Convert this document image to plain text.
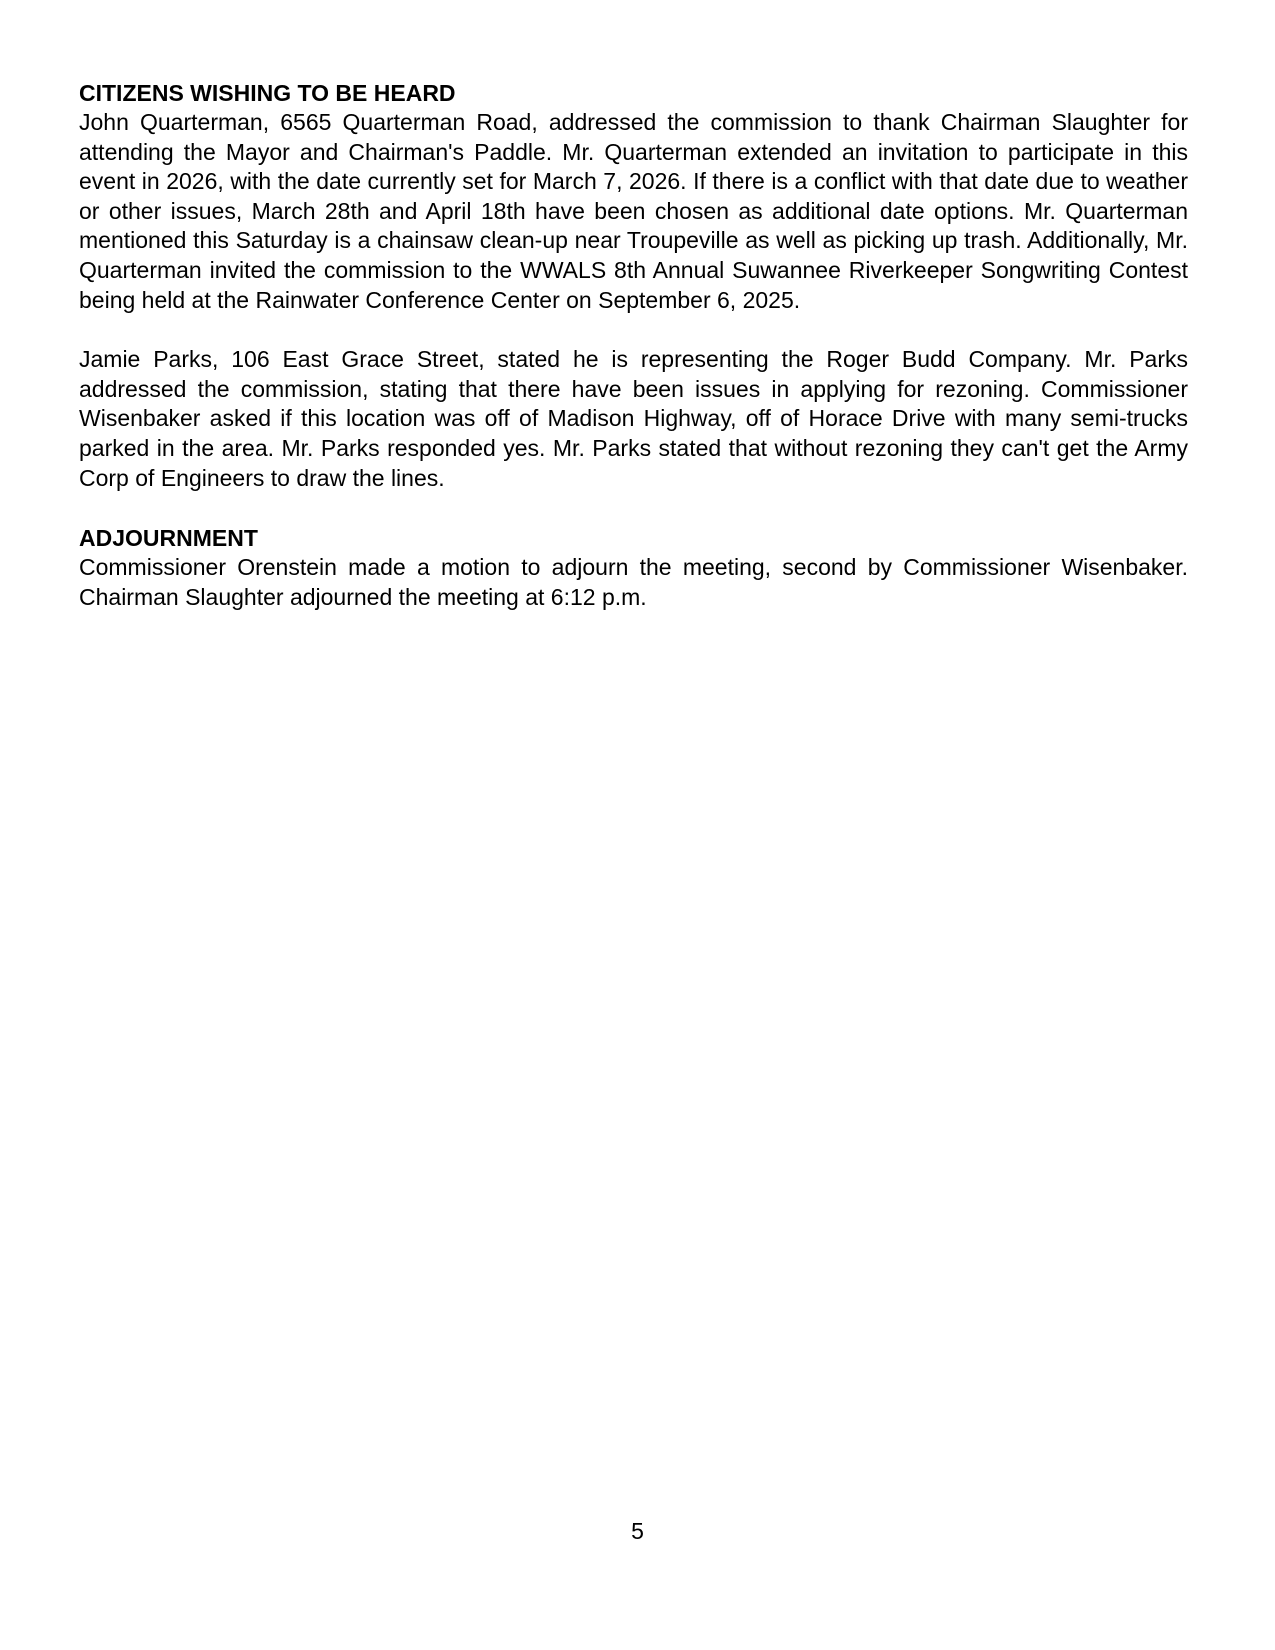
CITIZENS WISHING TO BE HEARD

John Quarterman, 6565 Quarterman Road, addressed the commission to thank Chairman Slaughter for attending the Mayor and Chairman's Paddle. Mr. Quarterman extended an invitation to participate in this event in 2026, with the date currently set for March 7, 2026. If there is a conflict with that date due to weather or other issues, March 28th and April 18th have been chosen as additional date options. Mr. Quarterman mentioned this Saturday is a chainsaw clean-up near Troupeville as well as picking up trash. Additionally, Mr. Quarterman invited the commission to the WWALS 8th Annual Suwannee Riverkeeper Songwriting Contest being held at the Rainwater Conference Center on September 6, 2025.

Jamie Parks, 106 East Grace Street, stated he is representing the Roger Budd Company. Mr. Parks addressed the commission, stating that there have been issues in applying for rezoning. Commissioner Wisenbaker asked if this location was off of Madison Highway, off of Horace Drive with many semi-trucks parked in the area. Mr. Parks responded yes. Mr. Parks stated that without rezoning they can't get the Army Corp of Engineers to draw the lines.

ADJOURNMENT

Commissioner Orenstein made a motion to adjourn the meeting, second by Commissioner Wisenbaker. Chairman Slaughter adjourned the meeting at 6:12 p.m.

5
